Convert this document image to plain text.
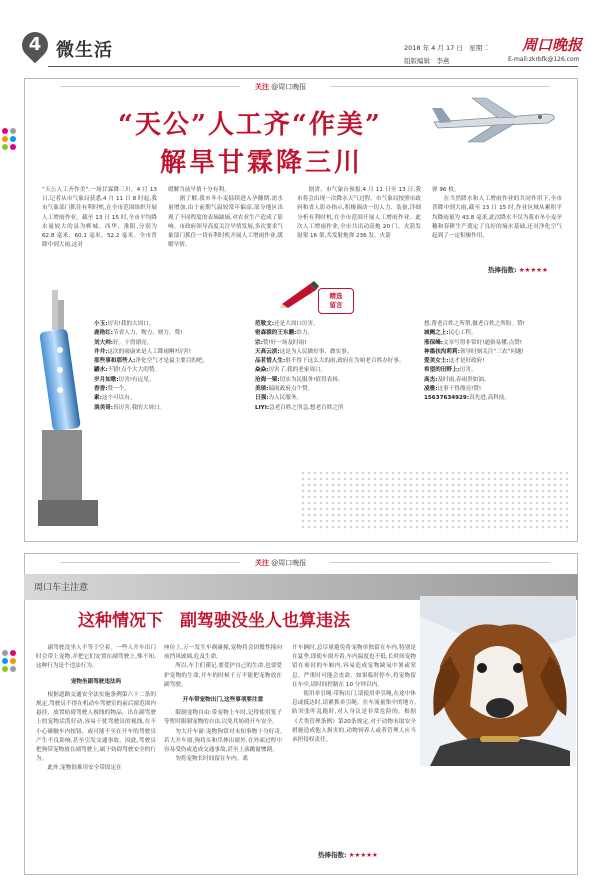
4 微生活	2018 年 4 月 17 日　星期二
组版编辑　李燕	E-mail:zkrbfk@126.com
周口晚报
关注 @周口晚报
“天公”人工齐“作美”
解旱甘霖降三川
“天公人工齐作美”,一场甘霖降三川。4 月 13 日,记者从市气象局获悉,4 月 11 日 8 时起,我市气象部门抓住有利时机,在全市范围组织开展人工增雨作业。截至 13 日 15 时,全市平均降水量较大的县为郸城、西华、淮阳,分别为 62.8 毫米、60.1 毫米、52.2 毫米。全市普降中到大雨,这对
缓解当前旱情十分有利。
　　据了解,我市冬小麦陆续进入孕穗期,需水量增加,由于前期气温较常年偏高,部分地区出现了不同程度的表墒缺墒,对农业生产造成了影响。市政府领导高度关注旱情发展,多次要求气象部门抓住一切有利时机开展人工增雨作业,缓解旱情。
　　据省、市气象台预报,4 月 11 日至 13 日,我市将会出现一次降水天气过程。市气象局按照市政府和省人影办指示,积极调动一切人力、装备,详细分析有利时机,在全市范围开展人工增雨作业。此次人工增雨作业,全市共出动高炮 20 门、火箭发射架 16 架,共发射炮弹 236 发、火箭
弹 96 枚。
　　在当然降水和人工增雨作业的共同作用下,全市普降中到大雨,截至 13 日 15 时,作业区域从累积平均降雨量为 43.8 毫米,此次降水不仅为我市冬小麦孕穗和春耕生产奠定了良好的墒水基础,还对净化空气起到了一定积极作用。
热捧指数: ★★★★★
精选
留言
小玉:厉害!我的大周口。
鹿艳红:节省人力、物力、财力。赞!
刘大帅:好。干得漂亮。
井井:这次的雨康来是人工降雨啊?厉害!
那些事和那些人:净化空气才是最主要目的吧。
鼹水:不错!点个大大的赞。
岁月如歌:厉害!有远见。
香香:赞一个。
素:这个可以有。
淌美哥:真厉害,我的大周口。
范敬文:还是大周口厉害。
密森猿的王东鹏:给力。
宗:赞!好一场及时雨!
天高云淡:这是为人民做好事、做实事。
品茗惜人生:很不得下这么大的雨,政府在为咱老百姓办好事。
焱焱:厉害了,我的老家周口。
沧海一粟:切实为民服务!值得表扬。
美琰:瑞雨政府点个赞。
日强:为人民服务。
LIYI:急老百姓之所急,想老百姓之所
想,帮老百姓之所帮,做老百姓之所盼。赞!
城阙之上:民心工程。
邢保峰:文章写得非常好!通俗易懂,点赞!
神墨扶沟莉莉:领导时刻关注“三农”问题!
爱美女士:这才是好政府!
希望的田野上:厉害。
高杰:及时雨,春雨贵如油。
凌雅:这事干得漂亮!赞!
15637634929:真先进,高科技。
关注 @周口晚报
周口车主注意
这种情况下　副驾驶没坐人也算违法
　　副驾驶没坐人不等于空着。一些人开车出门时会带上宠物,并把它们安置在副驾驶上,殊不知,这种行为是个违法行为。
宠物坐副驾驶违法吗
　　根据道路交通安全法实施条例第六十二条的规定,驾驶员不得在机动车驾驶室的前后窗范围内悬挂、放置妨碍驾驶人视线的物品。出在副驾驶上的宠物活泼好动,容易干扰驾驶员的视线,在不小心碰触车内按钮、或可能不至在开车的驾驶员产生不良影响,甚至引发交通事故。因此,驾驶员把狗带宠物放在副驾驶上,属于妨碍驾驶安全的行为。
　　此外,宠物很难用安全带固定在
座位上,万一发生车祸碰撞,宠物将会因惯性撞向前挡风玻璃,危及生命。
　　所以,车主们谨记,要爱护自己的生命,也要爱护宠物的生命,开车的时候千万不能把宠物放在副驾驶。
开车带宠物出门,这些事项要注意
　　限制宠物自由:带宠物上车时,记得使用笼子等暂时限制宠物的自由,以免其妨碍开车安全。
　　勿大开车窗:宠物狗常对未知事物十分好奇,若大开车窗,狗将头和爪伸出窗外,在外面过程中容易受伤或造成交通事故,甚至上演跳窗惨剧。
　　勿将宠物长时间留在车内。离
开车辆时,总尽量避免将宠物单独留在车内,特别是在夏季,即使车窗开着,车内温度也不低,长时间宠物留在密封的车厢内,容易造成宠物缺氧中暑或窒息。严重时可能会丧命。如果临时停车,将宠物留在车中,请时间控制在 10 分钟以内。
　　使用牵引绳:带狗出门,请使用牵引绳,在途中休息或抵达时,请紧抓牵引绳。在车流量集中的地方,防突张吓乱跑时,对人身议是非常危险的。根据《犬类管理条例》第20条规定,对于动物未取安全措施造成他人损害的,动物饲养人或者管理人应当承担侵权责任。
热捧指数: ★★★★★
